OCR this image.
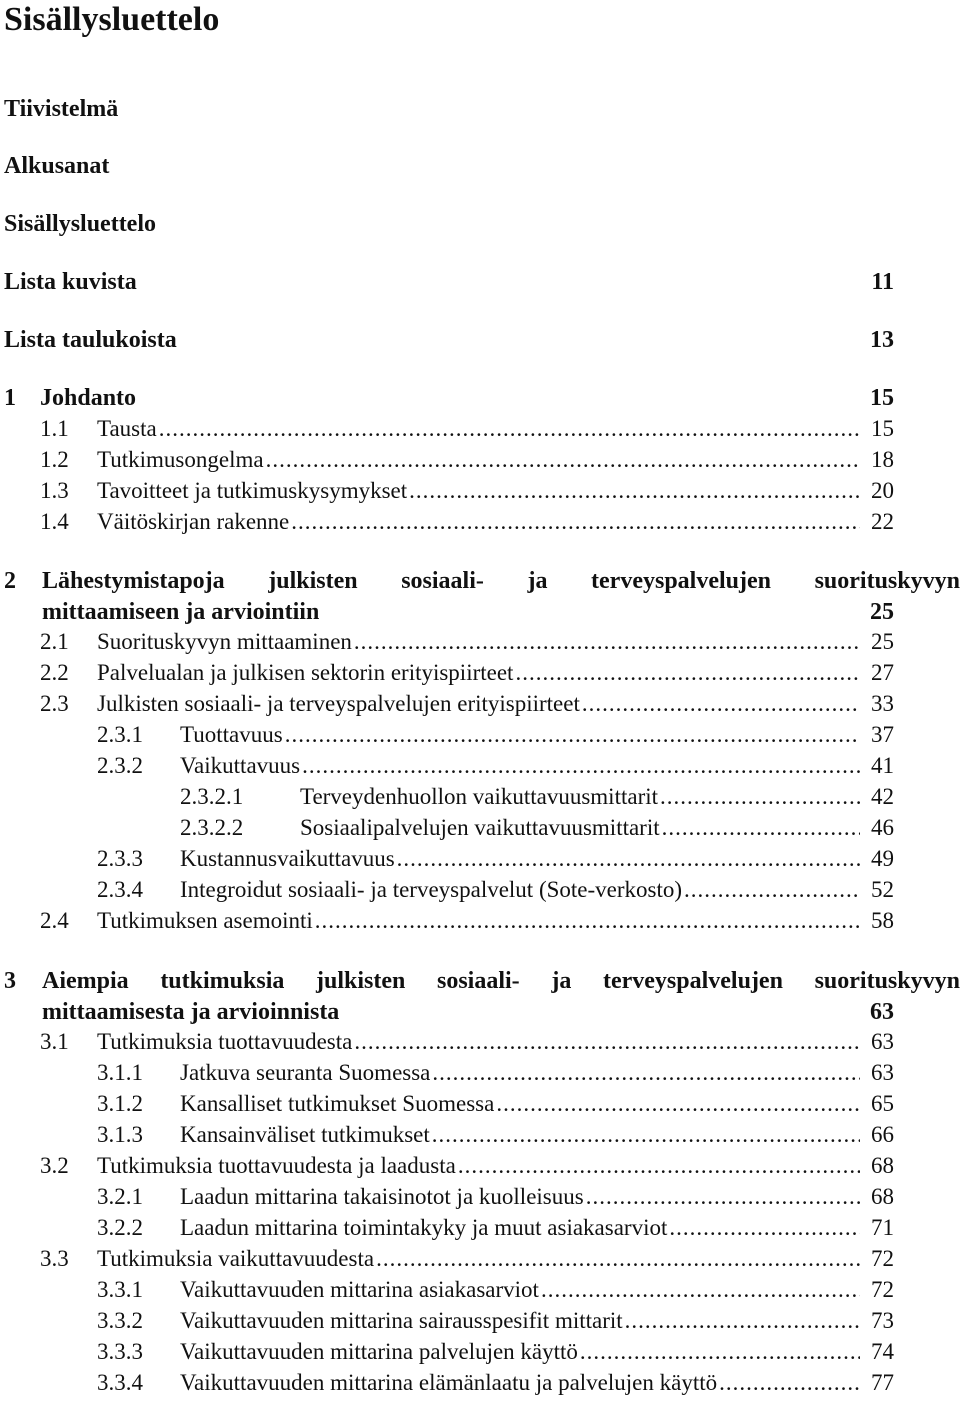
Sisällysluettelo
Tiivistelmä
Alkusanat
Sisällysluettelo
Lista kuvista	11
Lista taulukoista	13
1 Johdanto	15
1.1 Tausta .....	15
1.2 Tutkimusongelma .....	18
1.3 Tavoitteet ja tutkimuskysymykset .....	20
1.4 Väitöskirjan rakenne .....	22
2	Lähestymistapoja julkisten sosiaali- ja terveyspalvelujen suorituskyvyn
mittaamiseen ja arviointiin	25
2.1 Suorituskyvyn mittaaminen .....	25
2.2 Palvelualan ja julkisen sektorin erityispiirteet .....	27
2.3 Julkisten sosiaali- ja terveyspalvelujen erityispiirteet .....	33
2.3.1 Tuottavuus .....	37
2.3.2 Vaikuttavuus .....	41
2.3.2.1 Terveydenhuollon vaikuttavuusmittarit .....	42
2.3.2.2 Sosiaalipalvelujen vaikuttavuusmittarit .....	46
2.3.3 Kustannusvaikuttavuus .....	49
2.3.4 Integroidut sosiaali- ja terveyspalvelut (Sote-verkosto) .....	52
2.4 Tutkimuksen asemointi .....	58
3	Aiempia tutkimuksia julkisten sosiaali- ja terveyspalvelujen suorituskyvyn
mittaamisesta ja arvioinnista	63
3.1 Tutkimuksia tuottavuudesta .....	63
3.1.1 Jatkuva seuranta Suomessa .....	63
3.1.2 Kansalliset tutkimukset Suomessa .....	65
3.1.3 Kansainväliset tutkimukset .....	66
3.2 Tutkimuksia tuottavuudesta ja laadusta .....	68
3.2.1 Laadun mittarina takaisinotot ja kuolleisuus .....	68
3.2.2 Laadun mittarina toimintakyky ja muut asiakasarviot .....	71
3.3 Tutkimuksia vaikuttavuudesta .....	72
3.3.1 Vaikuttavuuden mittarina asiakasarviot .....	72
3.3.2 Vaikuttavuuden mittarina sairausspesifit mittarit .....	73
3.3.3 Vaikuttavuuden mittarina palvelujen käyttö .....	74
3.3.4 Vaikuttavuuden mittarina elämänlaatu ja palvelujen käyttö .....	77
